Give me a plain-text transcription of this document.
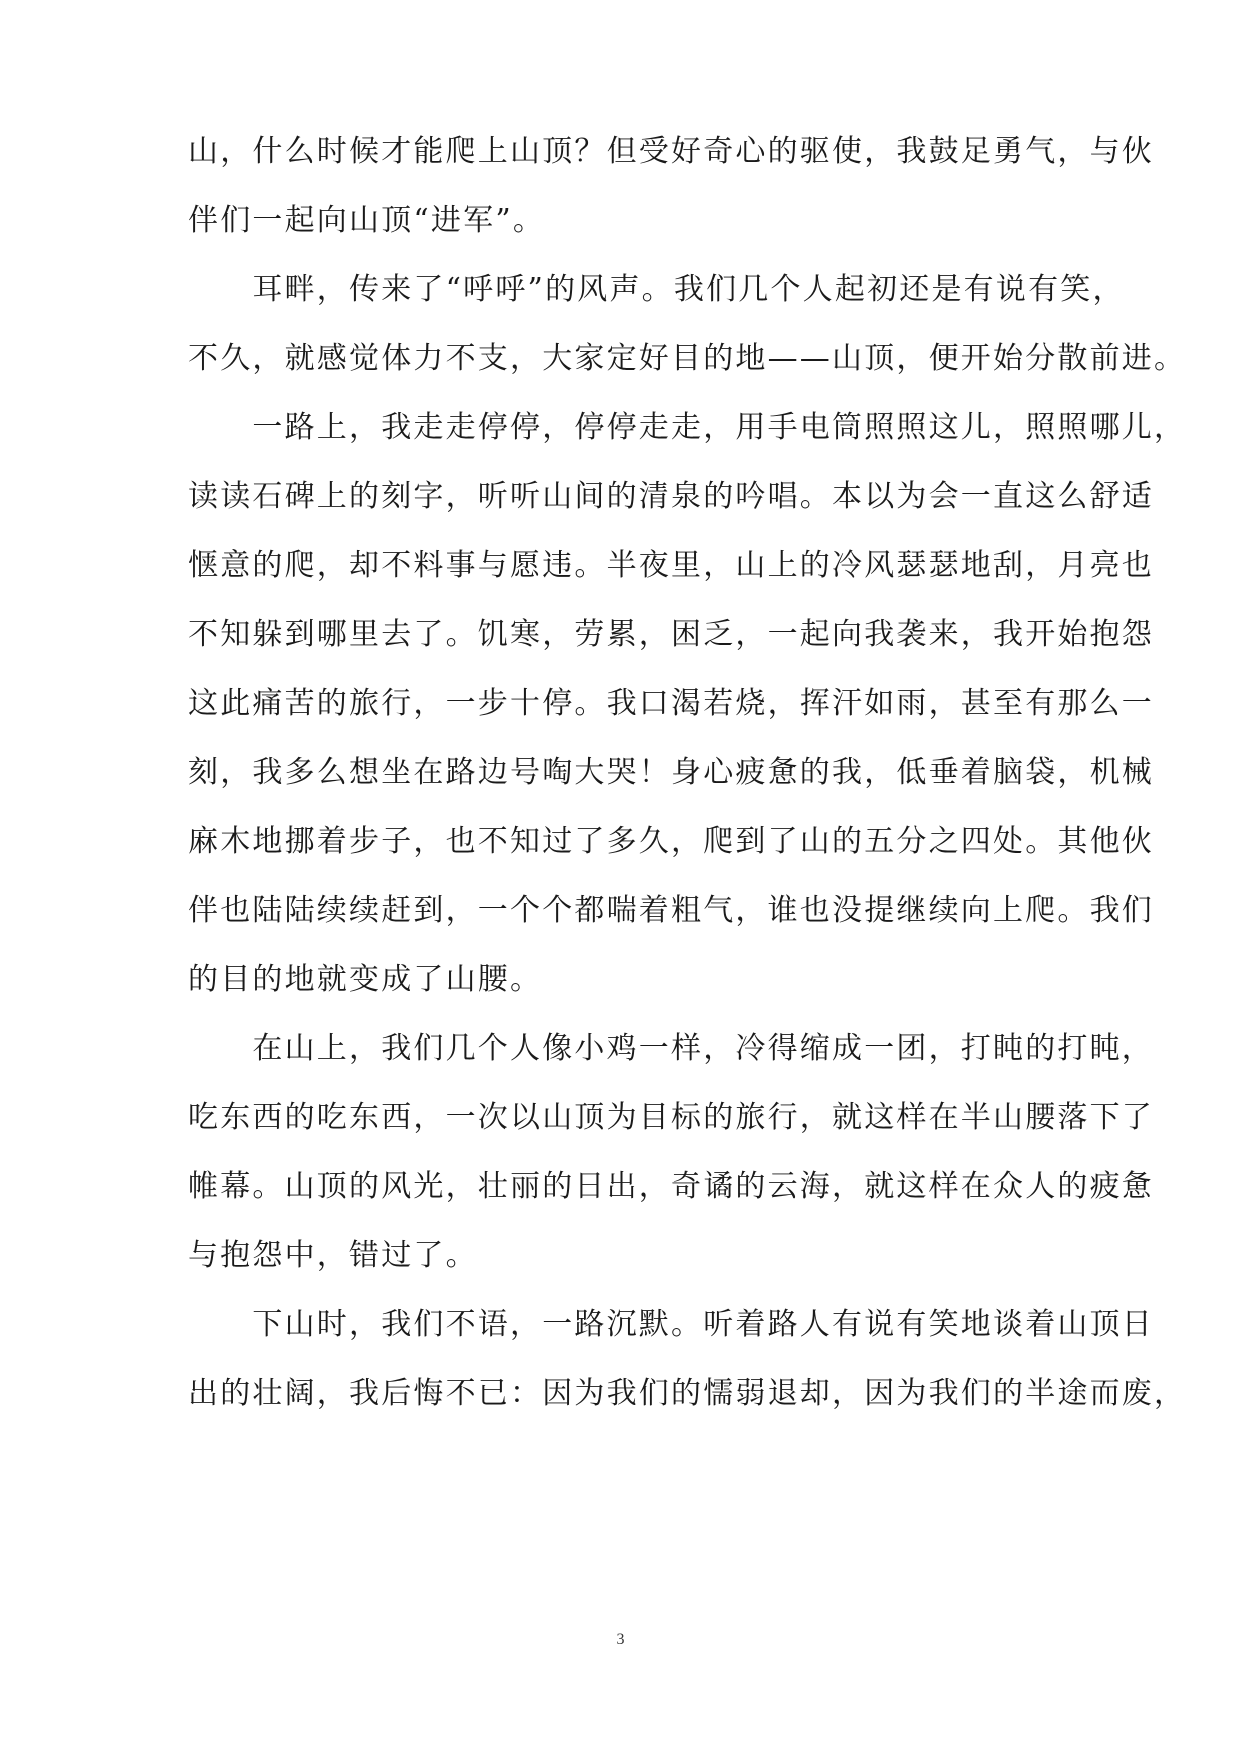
山，什么时候才能爬上山顶？但受好奇心的驱使，我鼓足勇气，与伙
伴们一起向山顶“进军”。
　　耳畔，传来了“呼呼”的风声。我们几个人起初还是有说有笑，
不久，就感觉体力不支，大家定好目的地——山顶，便开始分散前进。
　　一路上，我走走停停，停停走走，用手电筒照照这儿，照照哪儿，
读读石碑上的刻字，听听山间的清泉的吟唱。本以为会一直这么舒适
惬意的爬，却不料事与愿违。半夜里，山上的冷风瑟瑟地刮，月亮也
不知躲到哪里去了。饥寒，劳累，困乏，一起向我袭来，我开始抱怨
这此痛苦的旅行，一步十停。我口渴若烧，挥汗如雨，甚至有那么一
刻，我多么想坐在路边号啕大哭！身心疲惫的我，低垂着脑袋，机械
麻木地挪着步子，也不知过了多久，爬到了山的五分之四处。其他伙
伴也陆陆续续赶到，一个个都喘着粗气，谁也没提继续向上爬。我们
的目的地就变成了山腰。
　　在山上，我们几个人像小鸡一样，冷得缩成一团，打盹的打盹，
吃东西的吃东西，一次以山顶为目标的旅行，就这样在半山腰落下了
帷幕。山顶的风光，壮丽的日出，奇谲的云海，就这样在众人的疲惫
与抱怨中，错过了。
　　下山时，我们不语，一路沉默。听着路人有说有笑地谈着山顶日
出的壮阔，我后悔不已：因为我们的懦弱退却，因为我们的半途而废，
3
